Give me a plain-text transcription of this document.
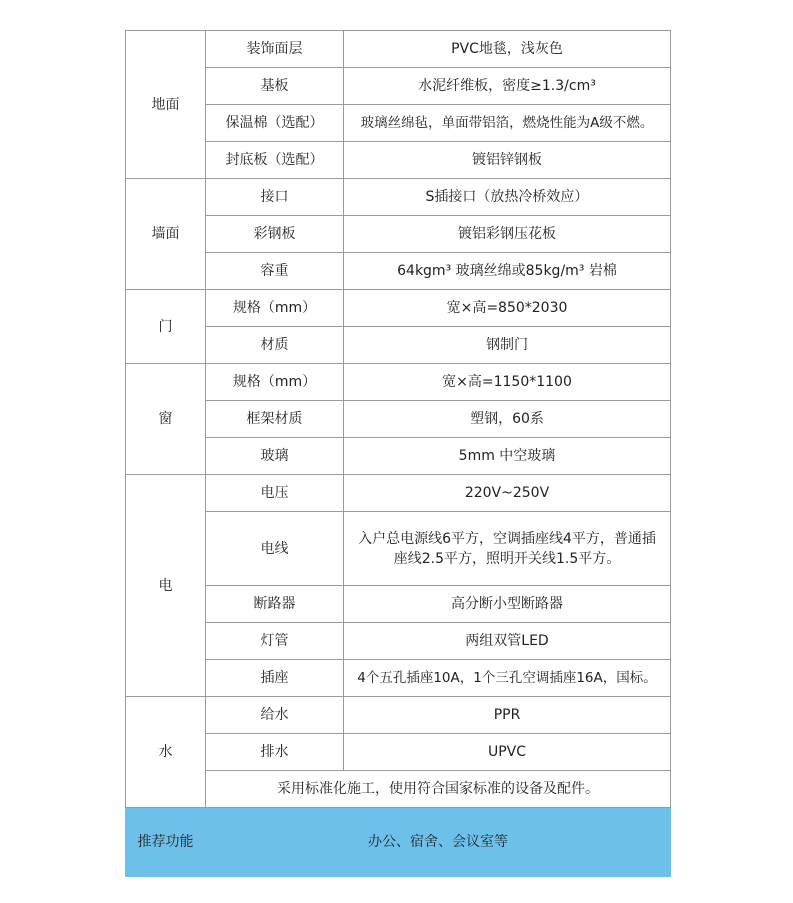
地面	装饰面层	PVC地毯，浅灰色
	基板	水泥纤维板，密度≥1.3/cm³
	保温棉（选配）	玻璃丝绵毡，单面带铝箔，燃烧性能为A级不燃。
	封底板（选配）	镀铝锌钢板
墙面	接口	S插接口（放热冷桥效应）
	彩钢板	镀铝彩钢压花板
	容重	64kgm³ 玻璃丝绵或85kg/m³ 岩棉
门	规格（mm）	宽×高=850*2030
	材质	钢制门
窗	规格（mm）	宽×高=1150*1100
	框架材质	塑钢，60系
	玻璃	5mm 中空玻璃
电	电压	220V~250V
	电线	入户总电源线6平方，空调插座线4平方，普通插座线2.5平方，照明开关线1.5平方。
	断路器	高分断小型断路器
	灯管	两组双管LED
	插座	4个五孔插座10A，1个三孔空调插座16A，国标。
水	给水	PPR
	排水	UPVC
	采用标准化施工，使用符合国家标准的设备及配件。	
推荐功能	办公、宿舍、会议室等	
